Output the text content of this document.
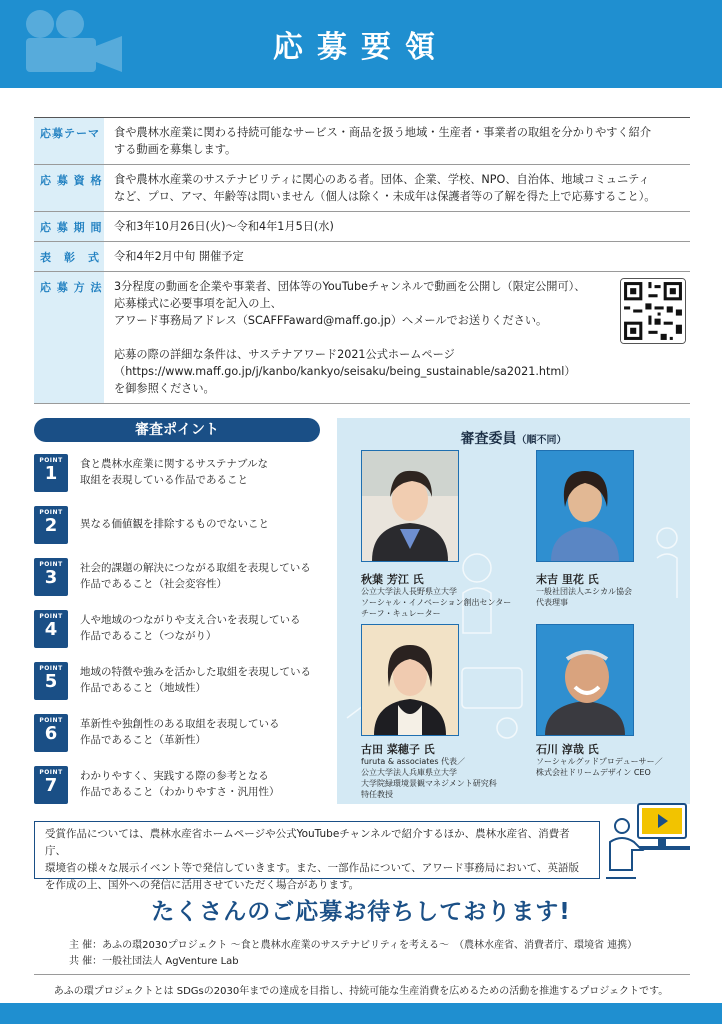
応募要領
応募テーマ	食や農林水産業に関わる持続可能なサービス・商品を扱う地域・生産者・事業者の取組を分かりやすく紹介

する動画を募集します。

応 募 資 格 食や農林水産業のサステナビリティに関心のある者。団体、企業、学校、NPO、自治体、地域コミュニティ

など、プロ、アマ、年齢等は問いません（個人は除く・未成年は保護者等の了解を得た上で応募すること）。

応 募 期 間 令和3年10月26日(火)～令和4年1月5日(水)

表　彰　式	令和4年2月中旬 開催予定

応 募 方 法 3分程度の動画を企業や事業者、団体等のYouTubeチャンネルで動画を公開し（限定公開可）、

応募様式に必要事項を記入の上、

アワード事務局アドレス（SCAFFFaward@maff.go.jp）へメールでお送りください。

応募の際の詳細な条件は、サステナアワード2021公式ホームページ

（https://www.maff.go.jp/j/kanbo/kankyo/seisaku/being_sustainable/sa2021.html）

を御参照ください。

審査ポイント
POINT
1	食と農林水産業に関するサステナブルな
取組を表現している作品であること
POINT
2	異なる価値観を排除するものでないこと
POINT
3	社会的課題の解決につながる取組を表現している
作品であること（社会変容性）
POINT
4	人や地域のつながりや支え合いを表現している
作品であること（つながり）
POINT
5	地域の特徴や強みを活かした取組を表現している
作品であること（地域性）
POINT
6	革新性や独創性のある取組を表現している
作品であること（革新性）
POINT
7	わかりやすく、実践する際の参考となる
作品であること（わかりやすさ・汎用性）
審査委員（順不同）
秋葉 芳江 氏
公立大学法人長野県立大学
ソーシャル・イノベーション創出センター
チーフ・キュレーター
末吉 里花 氏
一般社団法人エシカル協会
代表理事
古田 菜穂子 氏
furuta & associates 代表／
公立大学法人兵庫県立大学
大学院緑環境景観マネジメント研究科
特任教授
石川 淳哉 氏
ソーシャルグッドプロデューサー／
株式会社ドリームデザイン CEO
受賞作品については、農林水産省ホームページや公式YouTubeチャンネルで紹介するほか、農林水産省、消費者庁、
環境省の様々な展示イベント等で発信していきます。また、一部作品について、アワード事務局において、英語版
を作成の上、国外への発信に活用させていただく場合があります。
たくさんのご応募お待ちしております!
主 催：あふの環2030プロジェクト ～食と農林水産業のサステナビリティを考える～　（農林水産省、消費者庁、環境省 連携）
共 催：一般社団法人 AgVenture Lab
あふの環プロジェクトとは SDGsの2030年までの達成を目指し、持続可能な生産消費を広めるための活動を推進するプロジェクトです。
